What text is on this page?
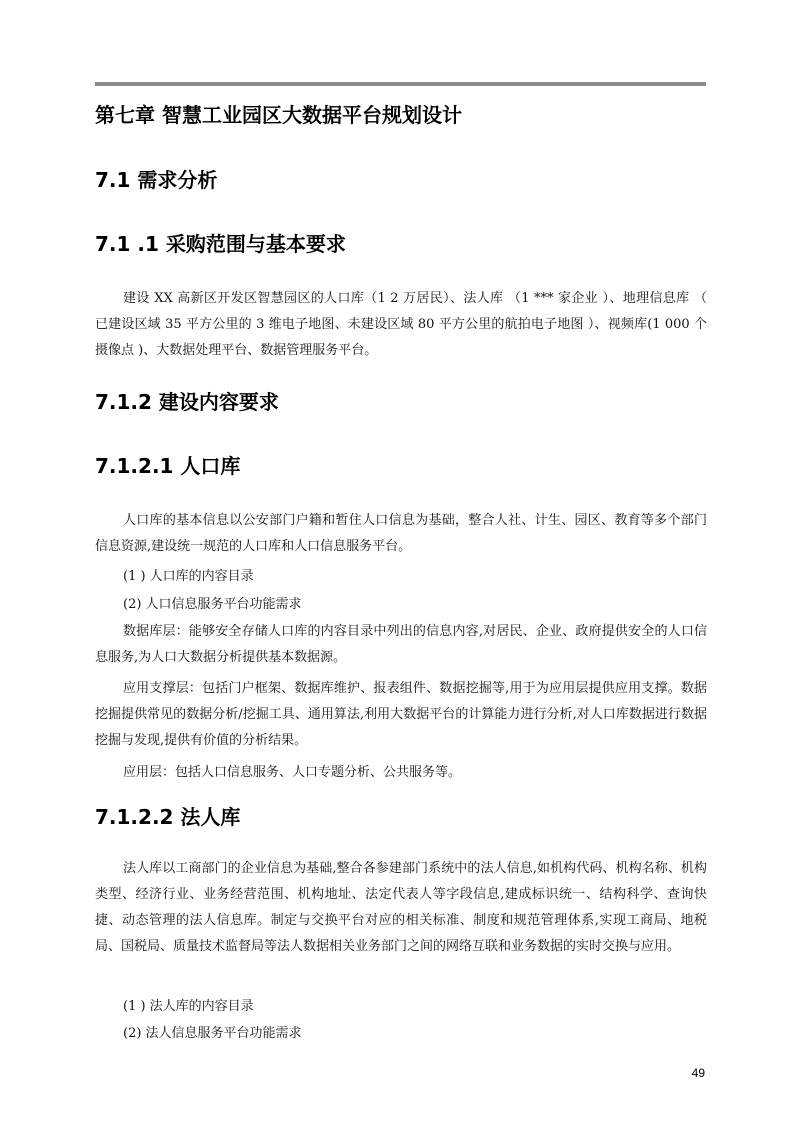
第七章 智慧工业园区大数据平台规划设计
7.1 需求分析
7.1 .1 采购范围与基本要求

建设 XX 高新区开发区智慧园区的人口库（1 2 万居民）、法人库 （1 *** 家企业 ）、地理信息库 （ 已建设区域 35 平方公里的 3 维电子地图、未建设区域 80 平方公里的航拍电子地图 ）、视频库(1 000 个摄像点 )、大数据处理平台、数据管理服务平台。

7.1.2 建设内容要求
7.1.2.1 人口库

人口库的基本信息以公安部门户籍和暂住人口信息为基础，整合人社、计生、园区、教育等多个部门信息资源,建设统一规范的人口库和人口信息服务平台。

(1 ) 人口库的内容目录

(2) 人口信息服务平台功能需求

数据库层：能够安全存储人口库的内容目录中列出的信息内容,对居民、企业、政府提供安全的人口信息服务,为人口大数据分析提供基本数据源。

应用支撑层：包括门户框架、数据库维护、报表组件、数据挖掘等,用于为应用层提供应用支撑。数据挖掘提供常见的数据分析/挖掘工具、通用算法,利用大数据平台的计算能力进行分析,对人口库数据进行数据挖掘与发现,提供有价值的分析结果。

应用层：包括人口信息服务、人口专题分析、公共服务等。

7.1.2.2 法人库

法人库以工商部门的企业信息为基础,整合各参建部门系统中的法人信息,如机构代码、机构名称、机构类型、经济行业、业务经营范围、机构地址、法定代表人等字段信息,建成标识统一、结构科学、查询快捷、动态管理的法人信息库。制定与交换平台对应的相关标准、制度和规范管理体系,实现工商局、地税局、国税局、质量技术监督局等法人数据相关业务部门之间的网络互联和业务数据的实时交换与应用。

(1 ) 法人库的内容目录

(2) 法人信息服务平台功能需求

49
